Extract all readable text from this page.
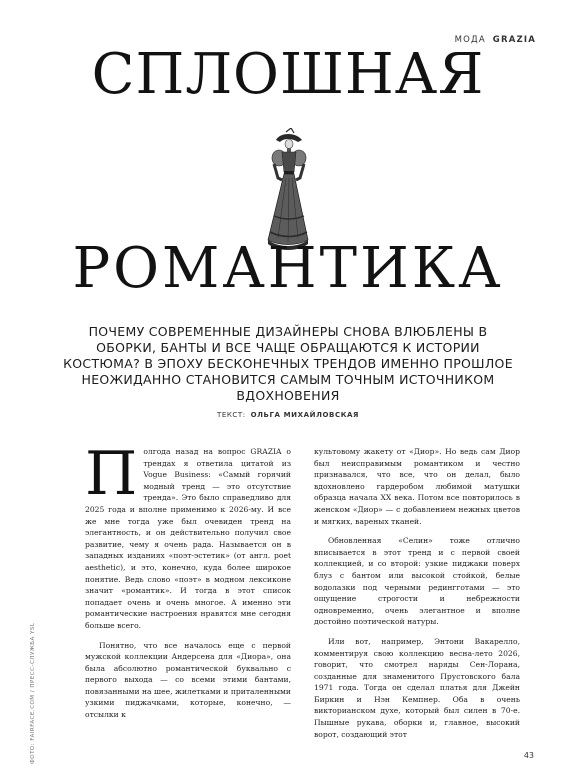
МОДА GRAZIA
СПЛОШНАЯ
РОМАНТИКА

ПОЧЕМУ СОВРЕМЕННЫЕ ДИЗАЙНЕРЫ СНОВА ВЛЮБЛЕНЫ В ОБОРКИ, БАНТЫ И ВСЕ ЧАЩЕ ОБРАЩАЮТСЯ К ИСТОРИИ КОСТЮМА? В ЭПОХУ БЕСКОНЕЧНЫХ ТРЕНДОВ ИМЕННО ПРОШЛОЕ НЕОЖИДАННО СТАНОВИТСЯ САМЫМ ТОЧНЫМ ИСТОЧНИКОМ ВДОХНОВЕНИЯ

ТЕКСТ: ОЛЬГА МИХАЙЛОВСКАЯ

Полгода назад на вопрос GRAZIA о трендах я ответила цитатой из Vogue Business: «Самый горячий модный тренд — это отсутствие тренда». Это было справедливо для 2025 года и вполне применимо к 2026-му. И все же мне тогда уже был очевиден тренд на элегантность, и он действительно получил свое развитие, чему я очень рада. Называется он в западных изданиях «поэт-эстетик» (от англ. poet aesthetic), и это, конечно, куда более широкое понятие. Ведь слово «поэт» в модном лексиконе значит «романтик». И тогда в этот список попадает очень и очень многое. А именно эти романтические настроения нравятся мне сегодня больше всего.

Понятно, что все началось еще с первой мужской коллекции Андерсена для «Диора», она была абсолютно романтической буквально с первого выхода — со всеми этими бантами, повязанными на шее, жилетками и приталенными узкими пиджачками, которые, конечно, — отсылки к

культовому жакету от «Диор». Но ведь сам Диор был неисправимым романтиком и честно признавался, что все, что он делал, было вдохновлено гардеробом любимой матушки образца начала XX века. Потом все повторилось в женском «Диор» — с добавлением нежных цветов и мягких, вареных тканей.

Обновленная «Селин» тоже отлично вписывается в этот тренд и с первой своей коллекцией, и со второй: узкие пиджаки поверх блуз с бантом или высокой стойкой, белые водолазки под черными редингготами — это ощущение строгости и небрежности одновременно, очень элегантное и вполне достойно поэтической натуры.

Или вот, например, Энтони Вакарелло, комментируя свою коллекцию весна-лето 2026, говорит, что смотрел наряды Сен-Лорана, созданные для знаменитого Прустовского бала 1971 года. Тогда он сделал платья для Джейн Биркин и Нэн Кемпнер. Оба в очень викторианском духе, который был силен в 70-е. Пышные рукава, оборки и, главное, высокий ворот, создающий этот

ФОТО: FAIRFACE.COM / ПРЕСС-СЛУЖБА YSL	43
